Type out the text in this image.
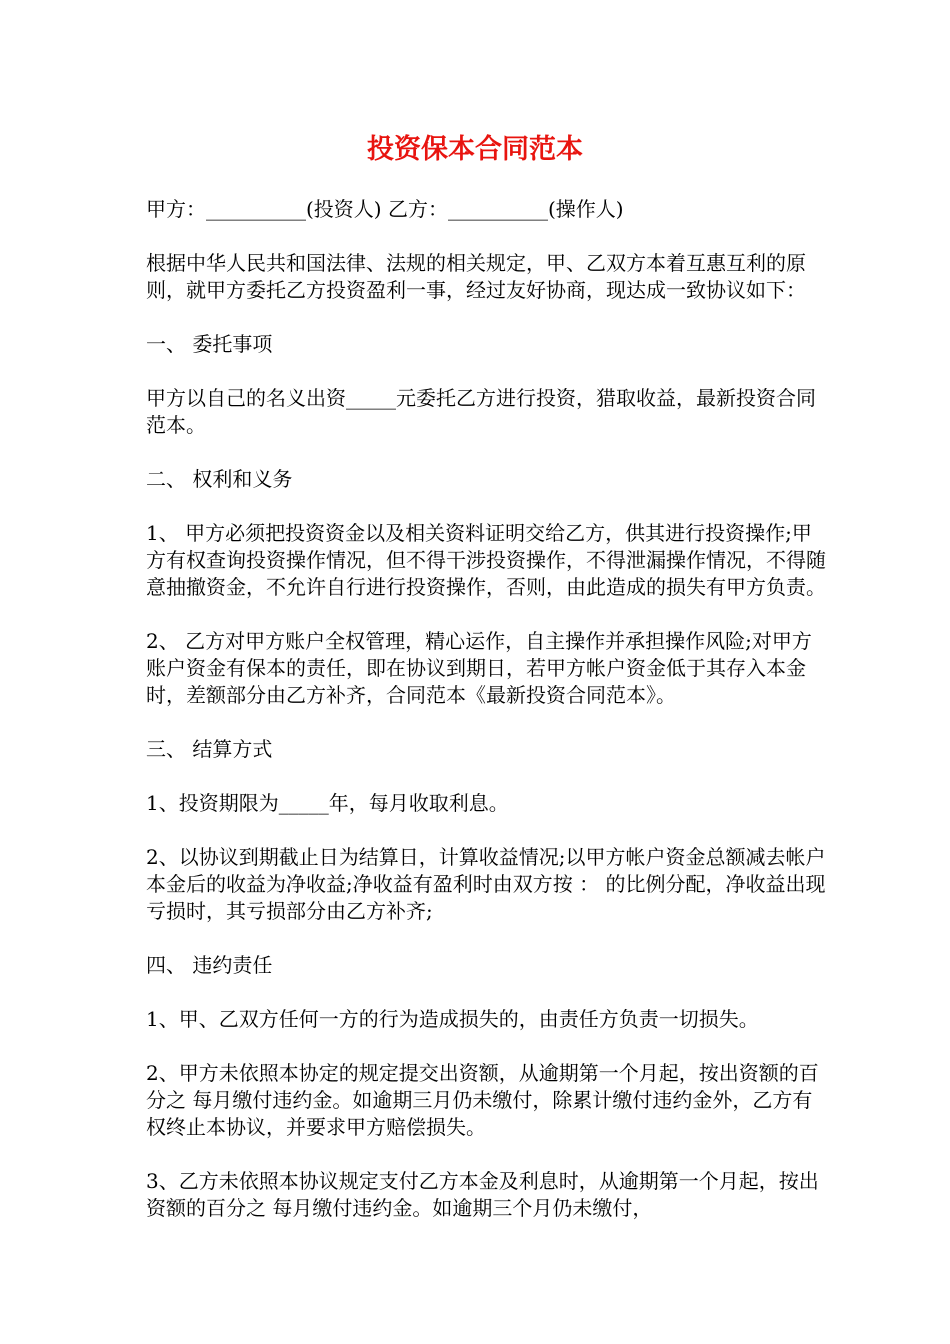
投资保本合同范本

甲方：__________(投资人) 乙方：__________(操作人)

根据中华人民共和国法律、法规的相关规定，甲、乙双方本着互惠互利的原则，就甲方委托乙方投资盈利一事，经过友好协商，现达成一致协议如下：

一、 委托事项

甲方以自己的名义出资_____元委托乙方进行投资，猎取收益，最新投资合同范本。

二、 权利和义务

1、 甲方必须把投资资金以及相关资料证明交给乙方，供其进行投资操作;甲方有权查询投资操作情况，但不得干涉投资操作，不得泄漏操作情况，不得随意抽撤资金，不允许自行进行投资操作，否则，由此造成的损失有甲方负责。

2、 乙方对甲方账户全权管理，精心运作，自主操作并承担操作风险;对甲方账户资金有保本的责任，即在协议到期日，若甲方帐户资金低于其存入本金时，差额部分由乙方补齐，合同范本《最新投资合同范本》。

三、 结算方式

1、投资期限为_____年，每月收取利息。

2、以协议到期截止日为结算日，计算收益情况;以甲方帐户资金总额减去帐户本金后的收益为净收益;净收益有盈利时由双方按 ： 的比例分配，净收益出现亏损时，其亏损部分由乙方补齐;

四、 违约责任

1、甲、乙双方任何一方的行为造成损失的，由责任方负责一切损失。

2、甲方未依照本协定的规定提交出资额，从逾期第一个月起，按出资额的百分之 每月缴付违约金。如逾期三月仍未缴付，除累计缴付违约金外，乙方有权终止本协议，并要求甲方赔偿损失。

3、乙方未依照本协议规定支付乙方本金及利息时，从逾期第一个月起，按出资额的百分之 每月缴付违约金。如逾期三个月仍未缴付，
